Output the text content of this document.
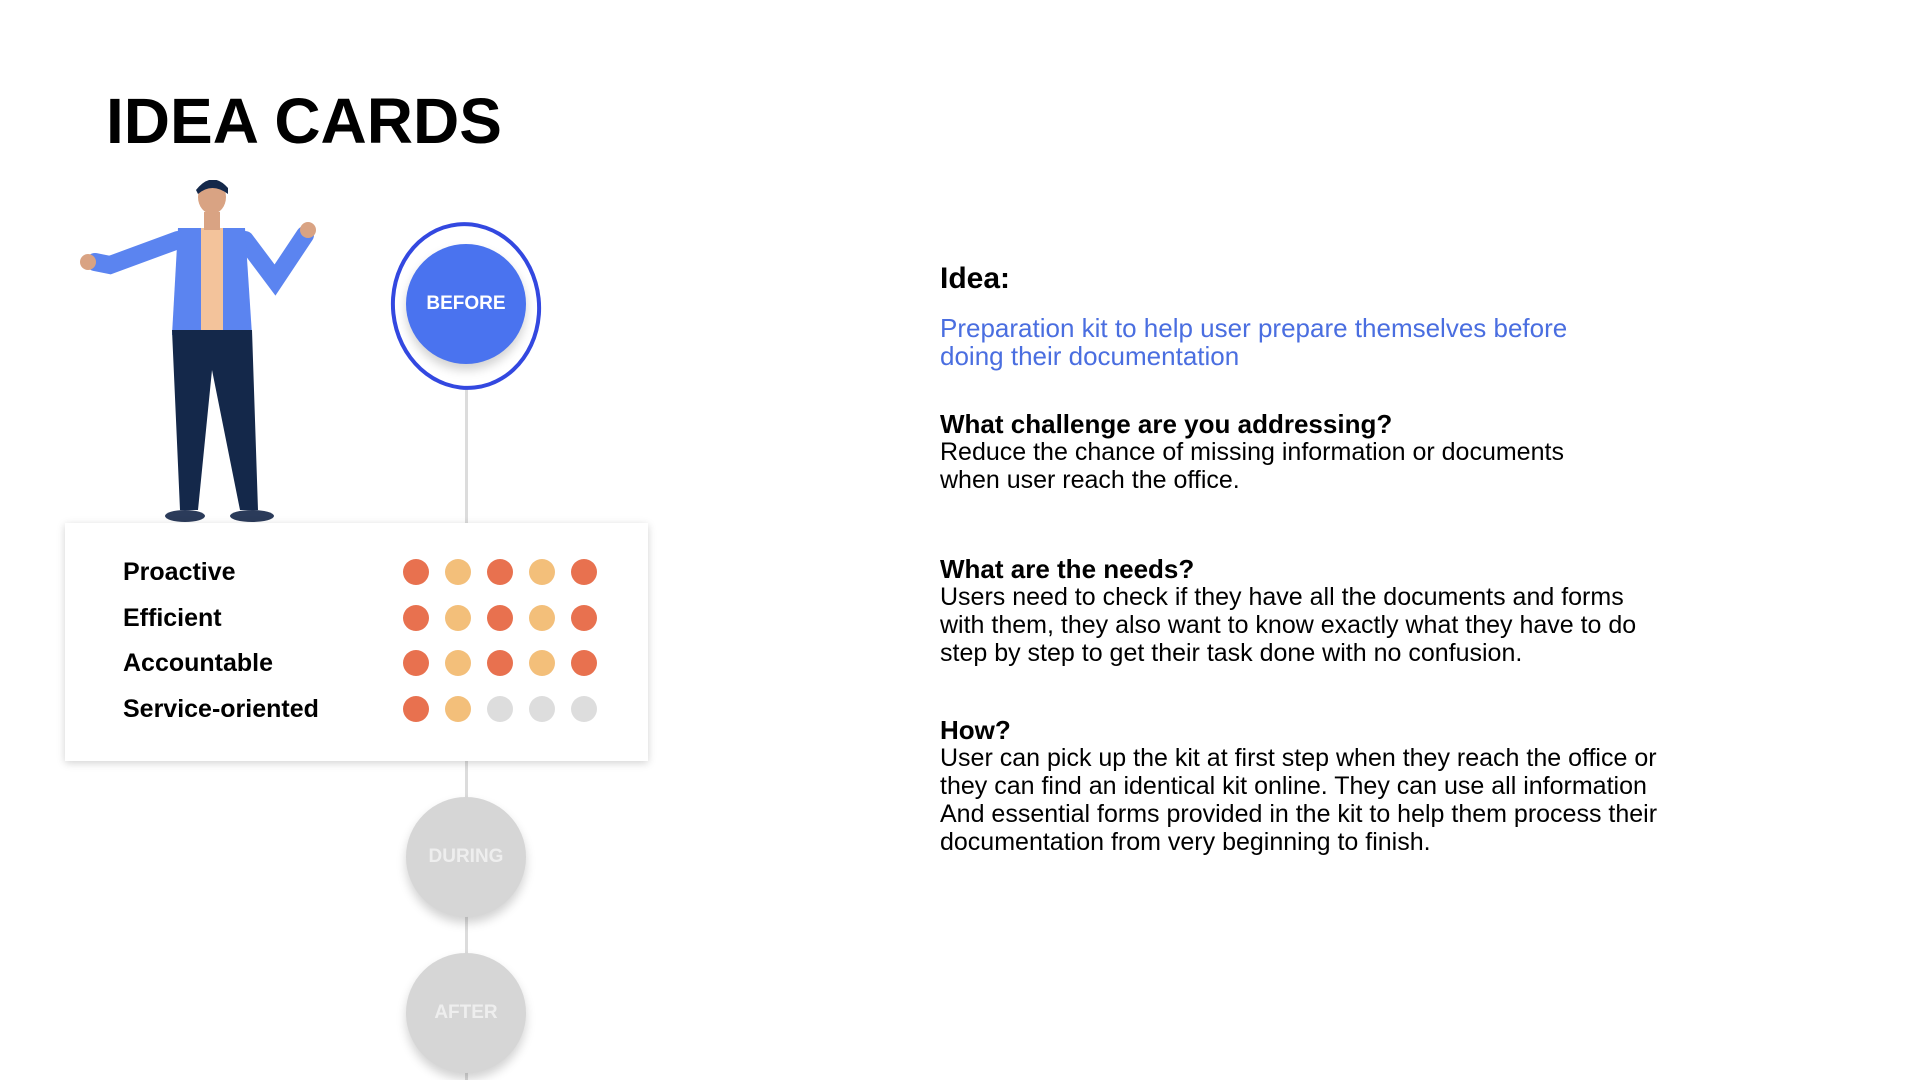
IDEA CARDS
BEFORE
DURING
AFTER
Proactive
Efficient
Accountable
Service-oriented
Idea:
Preparation kit to help user prepare themselves before
doing their documentation
What challenge are you addressing?
Reduce the chance of missing information or documents
when user reach the office.
What are the needs?
Users need to check if they have all the documents and forms
with them, they also want to know exactly what they have to do
step by step to get their task done with no confusion.
How?
User can pick up the kit at first step when they reach the office or
they can find an identical kit online. They can use all information
And essential forms provided in the kit to help them process their
documentation from very beginning to finish.
